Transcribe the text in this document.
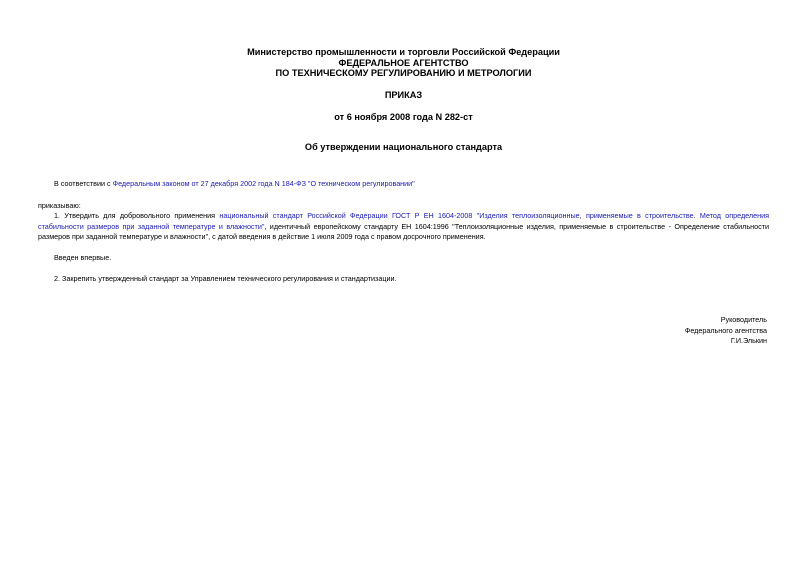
Министерство промышленности и торговли Российской Федерации
ФЕДЕРАЛЬНОЕ АГЕНТСТВО
ПО ТЕХНИЧЕСКОМУ РЕГУЛИРОВАНИЮ И МЕТРОЛОГИИ
ПРИКАЗ
от 6 ноября 2008 года N 282-ст
Об утверждении национального стандарта
В соответствии с Федеральным законом от 27 декабря 2002 года N 184-ФЗ "О техническом регулировании"
приказываю:
1. Утвердить для добровольного применения национальный стандарт Российской Федерации ГОСТ Р ЕН 1604-2008 "Изделия теплоизоляционные, применяемые в строительстве. Метод определения стабильности размеров при заданной температуре и влажности", идентичный европейскому стандарту ЕН 1604:1996 "Теплоизоляционные изделия, применяемые в строительстве - Определение стабильности размеров при заданной температуре и влажности", с датой введения в действие 1 июля 2009 года с правом досрочного применения.
Введен впервые.
2. Закрепить утвержденный стандарт за Управлением технического регулирования и стандартизации.
Руководитель
Федерального агентства
Г.И.Элькин
